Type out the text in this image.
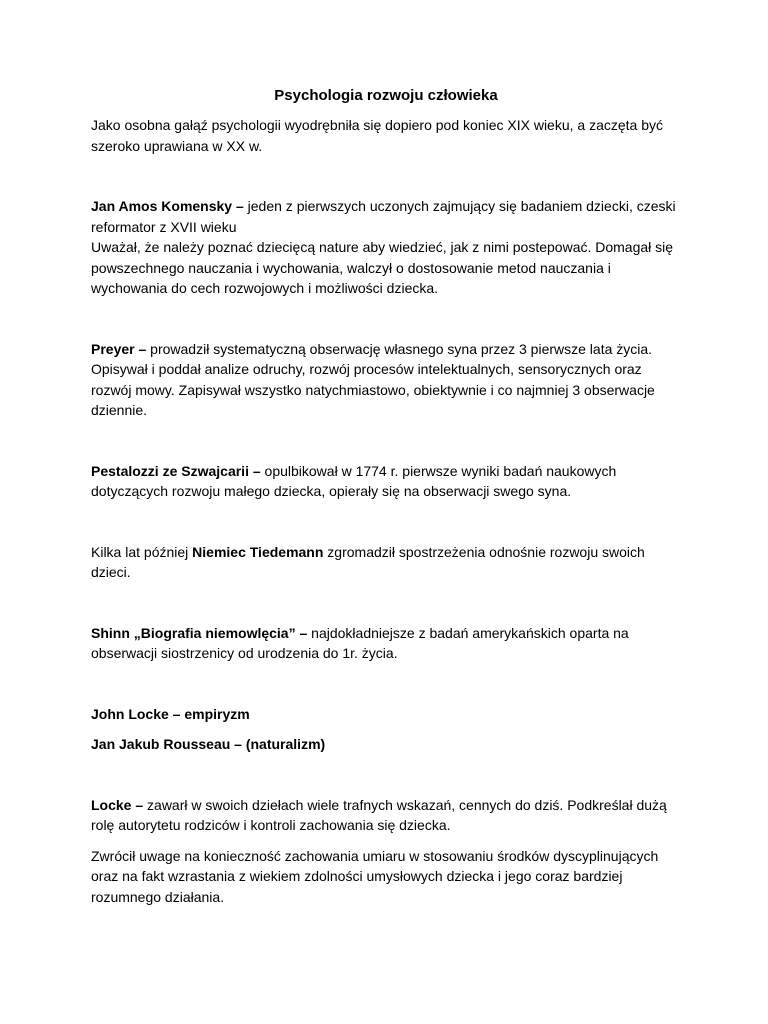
Psychologia rozwoju człowieka

Jako osobna gałąź psychologii wyodrębniła się dopiero pod koniec XIX wieku, a zaczęta być szeroko uprawiana w XX w.

Jan Amos Komensky – jeden z pierwszych uczonych zajmujący się badaniem dziecki, czeski reformator z XVII wieku
Uważał, że należy poznać dziecięcą nature aby wiedzieć, jak z nimi postepować. Domagał się powszechnego nauczania i wychowania, walczył o dostosowanie metod nauczania i wychowania do cech rozwojowych i możliwości dziecka.

Preyer – prowadził systematyczną obserwację własnego syna przez 3 pierwsze lata życia. Opisywał i poddał analize odruchy, rozwój procesów intelektualnych, sensorycznych oraz rozwój mowy. Zapisywał wszystko natychmiastowo, obiektywnie i co najmniej 3 obserwacje dziennie.

Pestalozzi ze Szwajcarii – opulbikował w 1774 r. pierwsze wyniki badań naukowych dotyczących rozwoju małego dziecka, opierały się na obserwacji swego syna.

Kilka lat później Niemiec Tiedemann zgromadził spostrzeżenia odnośnie rozwoju swoich dzieci.

Shinn „Biografia niemowlęcia” – najdokładniejsze z badań amerykańskich oparta na obserwacji siostrzenicy od urodzenia do 1r. życia.

John Locke – empiryzm

Jan Jakub Rousseau – (naturalizm)

Locke – zawarł w swoich dziełach wiele trafnych wskazań, cennych do dziś. Podkreślał dużą rolę autorytetu rodziców i kontroli zachowania się dziecka.

Zwrócił uwage na konieczność zachowania umiaru w stosowaniu środków dyscyplinujących oraz na fakt wzrastania z wiekiem zdolności umysłowych dziecka i jego coraz bardziej rozumnego działania.
